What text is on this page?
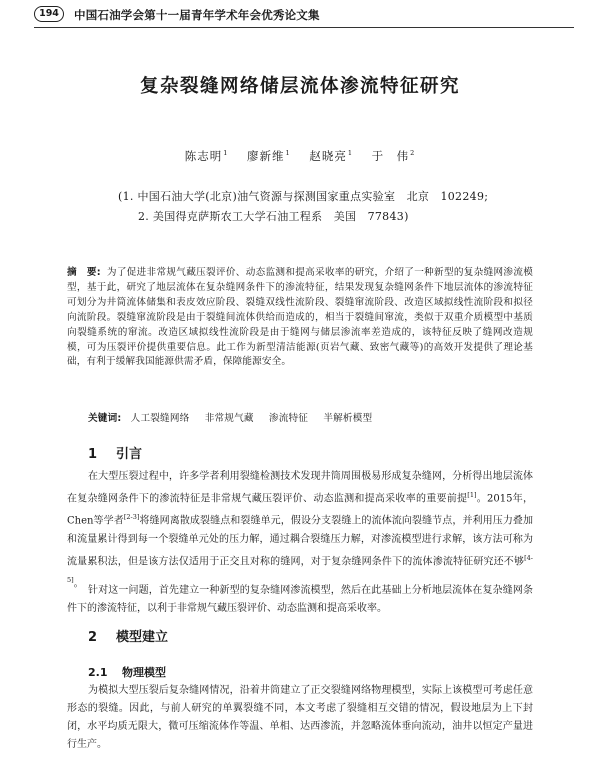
194	中国石油学会第十一届青年学术年会优秀论文集
复杂裂缝网络储层流体渗流特征研究
陈志明$^1$ 廖新维$^1$ 赵晓亮$^1$ 于　伟$^2$
(1. 中国石油大学(北京)油气资源与探测国家重点实验室　北京　102249;
2. 美国得克萨斯农工大学石油工程系　美国　77843)
摘　要: 为了促进非常规气藏压裂评价、动态监测和提高采收率的研究，介绍了一种新型的复杂缝网渗流模型，基于此，研究了地层流体在复杂缝网条件下的渗流特征，结果发现复杂缝网条件下地层流体的渗流特征可划分为井筒流体储集和表皮效应阶段、裂缝双线性流阶段、裂缝窜流阶段、改造区域拟线性流阶段和拟径向流阶段。裂缝窜流阶段是由于裂缝间流体供给而造成的，相当于裂缝间窜流，类似于双重介质模型中基质向裂缝系统的窜流。改造区域拟线性流阶段是由于缝网与储层渗流率差造成的，该特征反映了缝网改造规模，可为压裂评价提供重要信息。此工作为新型清洁能源(页岩气藏、致密气藏等)的高效开发提供了理论基础，有利于缓解我国能源供需矛盾，保障能源安全。
关键词: 人工裂缝网络 非常规气藏 渗流特征 半解析模型
1 引言

在大型压裂过程中，许多学者利用裂缝检测技术发现井筒周围极易形成复杂缝网，分析得出地层流体在复杂缝网条件下的渗流特征是非常规气藏压裂评价、动态监测和提高采收率的重要前提[1]。2015年，Chen等学者[2-3]将缝网离散成裂缝点和裂缝单元，假设分支裂缝上的流体流向裂缝节点，并利用压力叠加和流量累计得到每一个裂缝单元处的压力解，通过耦合裂缝压力解，对渗流模型进行求解，该方法可称为流量累积法，但是该方法仅适用于正交且对称的缝网，对于复杂缝网条件下的流体渗流特征研究还不够[4-5]。

针对这一问题，首先建立一种新型的复杂缝网渗流模型，然后在此基础上分析地层流体在复杂缝网条件下的渗流特征，以利于非常规气藏压裂评价、动态监测和提高采收率。

2 模型建立
2.1 物理模型

为模拟大型压裂后复杂缝网情况，沿着井筒建立了正交裂缝网络物理模型，实际上该模型可考虑任意形态的裂缝。因此，与前人研究的单翼裂缝不同，本文考虑了裂缝相互交错的情况，假设地层为上下封闭，水平均质无限大，微可压缩流体作等温、单相、达西渗流，并忽略流体垂向流动，油井以恒定产量进行生产。
